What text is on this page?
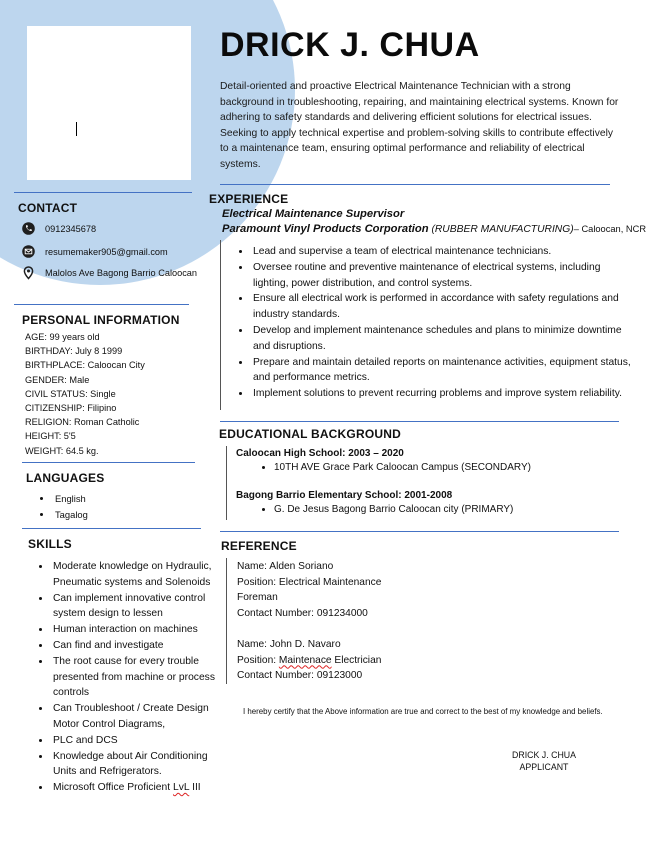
DRICK J. CHUA

Detail-oriented and proactive Electrical Maintenance Technician with a strong background in troubleshooting, repairing, and maintaining electrical systems. Known for adhering to safety standards and delivering efficient solutions for electrical issues. Seeking to apply technical expertise and problem-solving skills to contribute effectively to a maintenance team, ensuring optimal performance and reliability of electrical systems.

CONTACT
0912345678
resumemaker905@gmail.com
Malolos Ave Bagong Barrio Caloocan
PERSONAL INFORMATION
AGE: 99 years old
BIRTHDAY: July 8 1999
BIRTHPLACE: Caloocan City
GENDER: Male
CIVIL STATUS: Single
CITIZENSHIP: Filipino
RELIGION: Roman Catholic
HEIGHT: 5'5
WEIGHT: 64.5 kg.
LANGUAGES
• English
• Tagalog
SKILLS
• Moderate knowledge on Hydraulic, Pneumatic systems and Solenoids
• Can implement innovative control system design to lessen
• Human interaction on machines
• Can find and investigate
• The root cause for every trouble presented from machine or process controls
• Can Troubleshoot / Create Design Motor Control Diagrams,
• PLC and DCS
• Knowledge about Air Conditioning Units and Refrigerators.
• Microsoft Office Proficient LvL III
EXPERIENCE

Electrical Maintenance Supervisor

Paramount Vinyl Products Corporation (RUBBER MANUFACTURING)– Caloocan, NCR

• Lead and supervise a team of electrical maintenance technicians.
• Oversee routine and preventive maintenance of electrical systems, including lighting, power distribution, and control systems.
• Ensure all electrical work is performed in accordance with safety regulations and industry standards.
• Develop and implement maintenance schedules and plans to minimize downtime and disruptions.
• Prepare and maintain detailed reports on maintenance activities, equipment status, and performance metrics.
• Implement solutions to prevent recurring problems and improve system reliability.
EDUCATIONAL BACKGROUND

Caloocan High School: 2003 – 2020

• 10TH AVE Grace Park Caloocan Campus (SECONDARY)

Bagong Barrio Elementary School: 2001-2008

• G. De Jesus Bagong Barrio Caloocan city (PRIMARY)
REFERENCE
Name: Alden Soriano
Position: Electrical Maintenance
Foreman
Contact Number: 091234000
Name: John D. Navaro
Position: Maintenace Electrician
Contact Number: 09123000

I hereby certify that the Above information are true and correct to the best of my knowledge and beliefs.

DRICK J. CHUA
APPLICANT
